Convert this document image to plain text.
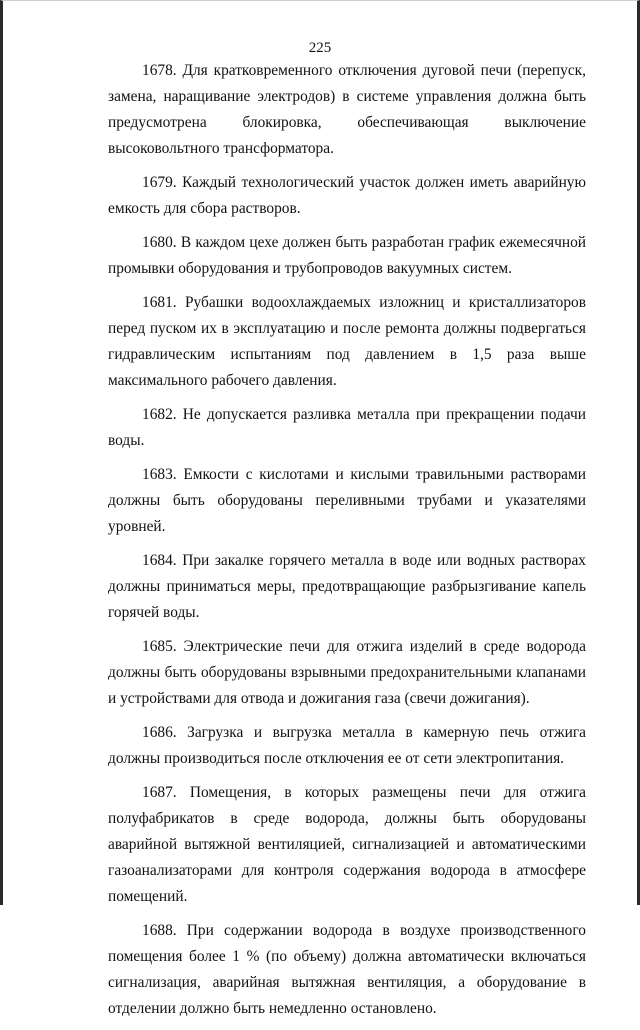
225

1678. Для кратковременного отключения дуговой печи (перепуск, замена, наращивание электродов) в системе управления должна быть предусмотрена блокировка, обеспечивающая выключение высоковольтного трансформатора.

1679. Каждый технологический участок должен иметь аварийную емкость для сбора растворов.

1680. В каждом цехе должен быть разработан график ежемесячной промывки оборудования и трубопроводов вакуумных систем.

1681. Рубашки водоохлаждаемых изложниц и кристаллизаторов перед пуском их в эксплуатацию и после ремонта должны подвергаться гидравлическим испытаниям под давлением в 1,5 раза выше максимального рабочего давления.

1682. Не допускается разливка металла при прекращении подачи воды.

1683. Емкости с кислотами и кислыми травильными растворами должны быть оборудованы переливными трубами и указателями уровней.

1684. При закалке горячего металла в воде или водных растворах должны приниматься меры, предотвращающие разбрызгивание капель горячей воды.

1685. Электрические печи для отжига изделий в среде водорода должны быть оборудованы взрывными предохранительными клапанами и устройствами для отвода и дожигания газа (свечи дожигания).

1686. Загрузка и выгрузка металла в камерную печь отжига должны производиться после отключения ее от сети электропитания.

1687. Помещения, в которых размещены печи для отжига полуфабрикатов в среде водорода, должны быть оборудованы аварийной вытяжной вентиляцией, сигнализацией и автоматическими газоанализаторами для контроля содержания водорода в атмосфере помещений.

1688. При содержании водорода в воздухе производственного помещения более 1 % (по объему) должна автоматически включаться сигнализация, аварийная вытяжная вентиляция, а оборудование в отделении должно быть немедленно остановлено.
